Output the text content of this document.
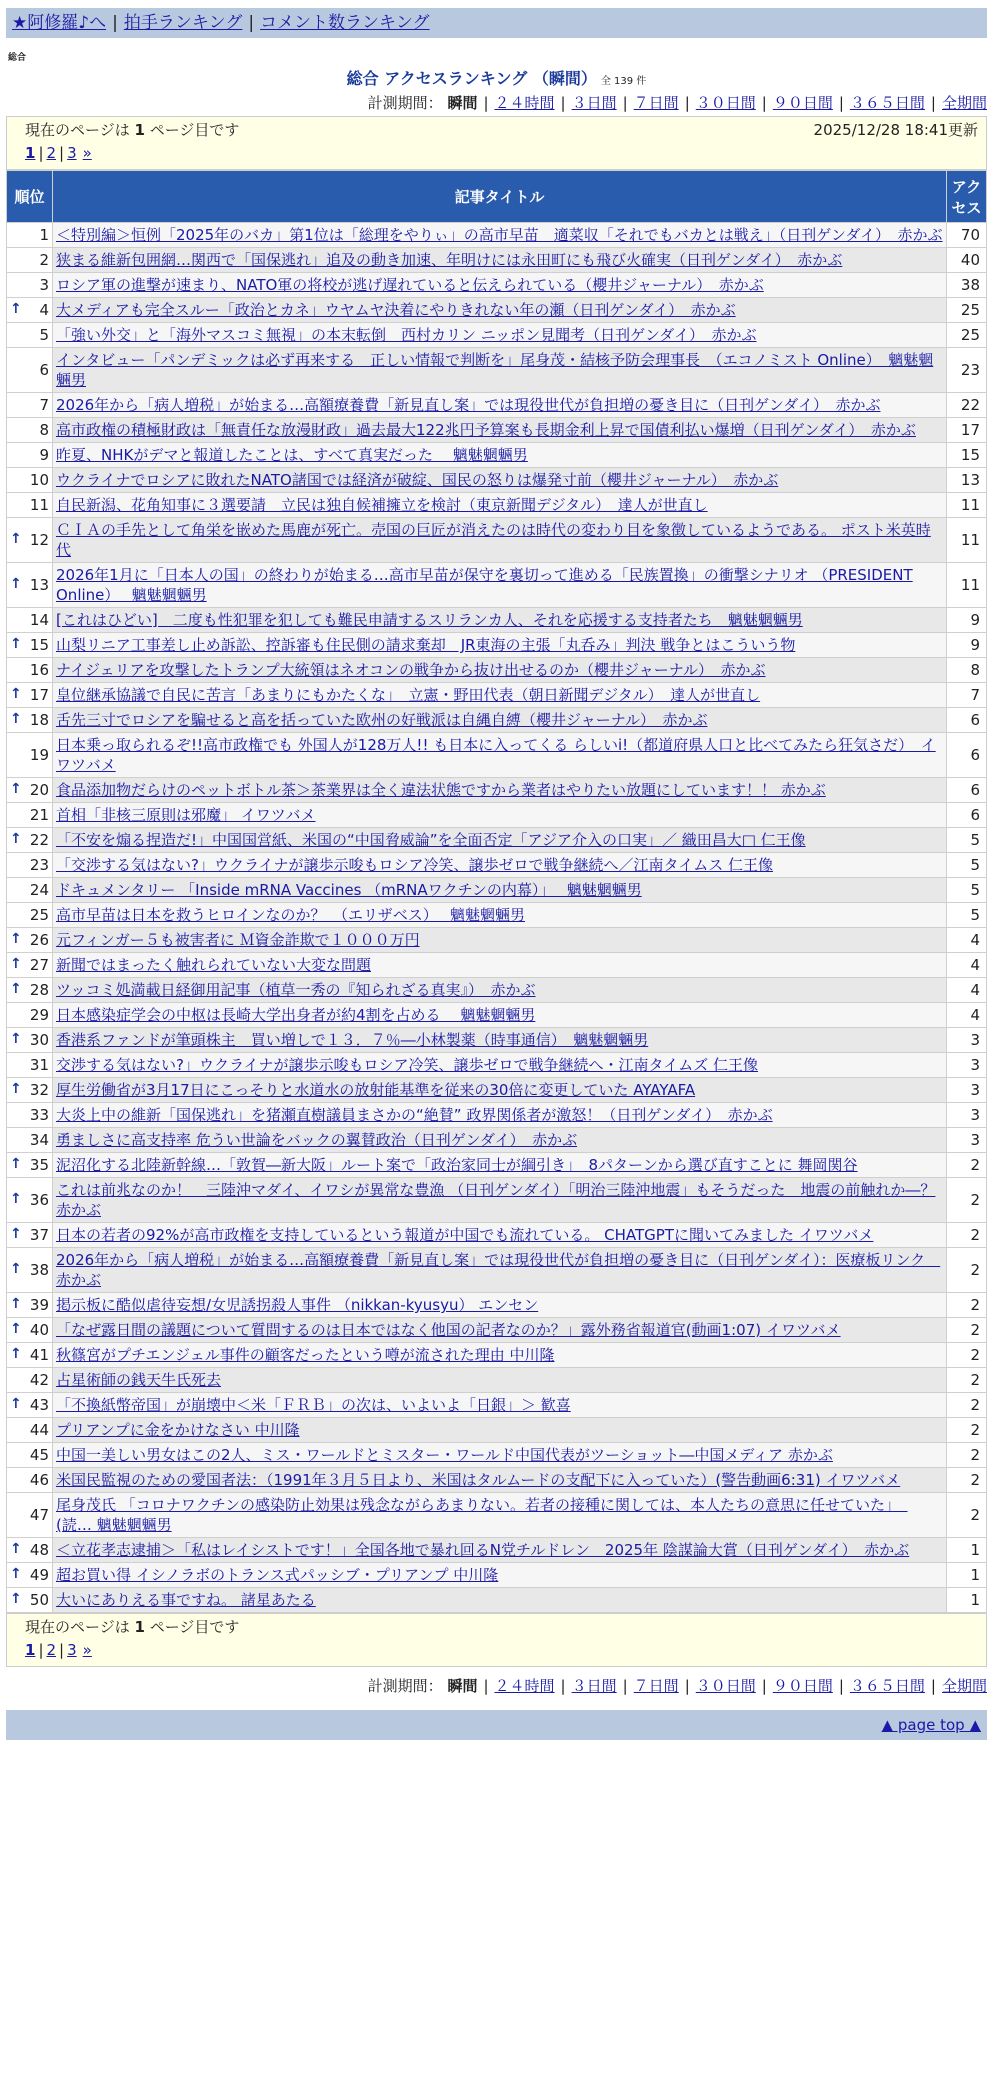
★阿修羅♪へ | 拍手ランキング | コメント数ランキング
総合
総合 アクセスランキング （瞬間） 全 139 件
計測期間： 瞬間 | ２４時間 | ３日間 | ７日間 | ３０日間 | ９０日間 | ３６５日間 | 全期間
現在のページは 1 ページ目です	2025/12/28 18:41更新
1 | 2 | 3 »
順位	記事タイトル	アクセス
1	＜特別編＞恒例「2025年のバカ」第1位は「総理をやりぃ」の高市早苗　適菜収「それでもバカとは戦え」（日刊ゲンダイ）　赤かぶ	70
2	狭まる維新包囲網…関西で「国保逃れ」追及の動き加速、年明けには永田町にも飛び火確実（日刊ゲンダイ）　赤かぶ	40
3	ロシア軍の進撃が速まり、NATO軍の将校が逃げ遅れていると伝えられている（櫻井ジャーナル）　赤かぶ	38

↑ 4	大メディアも完全スルー「政治とカネ」ウヤムヤ決着にやりきれない年の瀬（日刊ゲンダイ）　赤かぶ	25
5	「強い外交」と「海外マスコミ無視」の本末転倒　西村カリン ニッポン見聞考（日刊ゲンダイ）　赤かぶ	25
6	インタビュー「パンデミックは必ず再来する　正しい情報で判断を」尾身茂・結核予防会理事長　（エコノミスト Online）　魑魅魍魎男	23
7	2026年から「病人増税」が始まる…高額療養費「新見直し案」では現役世代が負担増の憂き目に（日刊ゲンダイ）　赤かぶ	22
8	高市政権の積極財政は「無責任な放漫財政」過去最大122兆円予算案も長期金利上昇で国債利払い爆増（日刊ゲンダイ）　赤かぶ	17
9	昨夏、NHKがデマと報道したことは、すべて真実だった　 魑魅魍魎男	15
10	ウクライナでロシアに敗れたNATO諸国では経済が破綻、国民の怒りは爆発寸前（櫻井ジャーナル）　赤かぶ	13
11	自民新潟、花角知事に３選要請　立民は独自候補擁立を検討（東京新聞デジタル）　達人が世直し	11

↑ 12	ＣＩＡの手先として角栄を嵌めた馬鹿が死亡。売国の巨匠が消えたのは時代の変わり目を象徴しているようである。 ポスト米英時代	11

↑ 13	2026年1月に「日本人の国」の終わりが始まる…高市早苗が保守を裏切って進める「民族置換」の衝撃シナリオ （PRESIDENT Online）　 魑魅魍魎男	11
14	[これはひどい]　二度も性犯罪を犯しても難民申請するスリランカ人、それを応援する支持者たち　魑魅魍魎男	9

↑ 15	山梨リニア工事差し止め訴訟、控訴審も住民側の請求棄却　JR東海の主張「丸呑み」判決 戦争とはこういう物	9
16	ナイジェリアを攻撃したトランプ大統領はネオコンの戦争から抜け出せるのか（櫻井ジャーナル）　赤かぶ	8

↑ 17	皇位継承協議で自民に苦言「あまりにもかたくな」　立憲・野田代表（朝日新聞デジタル）　達人が世直し	7

↑ 18	舌先三寸でロシアを騙せると高を括っていた欧州の好戦派は自縄自縛（櫻井ジャーナル）　赤かぶ	6
19	日本乗っ取られるぞ!!高市政権でも 外国人が128万人!! も日本に入ってくる らしいi!（都道府県人口と比べてみたら狂気さだ）　イワツバメ	6

↑ 20	食品添加物だらけのペットボトル茶＞茶業界は全く違法状態ですから業者はやりたい放題にしています！！ 赤かぶ	6
21	首相「非核三原則は邪魔」 イワツバメ	6

↑ 22	「不安を煽る捏造だ!」中国国営紙、米国の“中国脅威論”を全面否定「アジア介入の口実」／ 織田昌大□ 仁王像	5
23	「交渉する気はない?」ウクライナが譲歩示唆もロシア冷笑、譲歩ゼロで戦争継続へ／江南タイムス 仁王像	5
24	ドキュメンタリー 「Inside mRNA Vaccines （mRNAワクチンの内幕）」　 魑魅魍魎男	5
25	高市早苗は日本を救うヒロインなのか？　（エリザベス）　 魑魅魍魎男	5

↑ 26	元フィンガー５も被害者に Ｍ資金詐欺で１０００万円	4

↑ 27	新聞ではまったく触れられていない大変な問題	4

↑ 28	ツッコミ処満載日経御用記事（植草一秀の『知られざる真実』）　赤かぶ	4
29	日本感染症学会の中枢は長崎大学出身者が約4割を占める　 魑魅魍魎男	4

↑ 30	香港系ファンドが筆頭株主　買い増しで１３．７％―小林製薬（時事通信）　魑魅魍魎男	3
31	交渉する気はない?」ウクライナが譲歩示唆もロシア冷笑、譲歩ゼロで戦争継続へ・江南タイムズ 仁王像	3

↑ 32	厚生労働省が3月17日にこっそりと水道水の放射能基準を従来の30倍に変更していた AYAYAFA	3
33	大炎上中の維新「国保逃れ」を猪瀬直樹議員まさかの“絶賛” 政界関係者が激怒！（日刊ゲンダイ）　赤かぶ	3
34	勇ましさに高支持率 危うい世論をバックの翼賛政治（日刊ゲンダイ）　赤かぶ	3

↑ 35	泥沼化する北陸新幹線…「敦賀―新大阪」ルート案で「政治家同士が綱引き」　8パターンから選び直すことに 舞岡関谷	2

↑ 36	これは前兆なのか！　三陸沖マダイ、イワシが異常な豊漁 （日刊ゲンダイ）「明治三陸沖地震」もそうだった　地震の前触れか―？ 赤かぶ	2

↑ 37	日本の若者の92%が高市政権を支持しているという報道が中国でも流れている。 CHATGPTに聞いてみました イワツバメ	2

↑ 38	2026年から「病人増税」が始まる…高額療養費「新見直し案」では現役世代が負担増の憂き目に（日刊ゲンダイ）：医療板リンク　赤かぶ	2

↑ 39	掲示板に酷似虐待妄想/女児誘拐殺人事件 （nikkan-kyusyu） エンセン	2

↑ 40	「なぜ露日間の議題について質問するのは日本ではなく他国の記者なのか？」露外務省報道官(動画1:07) イワツバメ	2

↑ 41	秋篠宮がプチエンジェル事件の顧客だったという噂が流された理由 中川隆	2
42	占星術師の銭天牛氏死去	2

↑ 43	「不換紙幣帝国」が崩壊中＜米「ＦＲＢ」の次は、いよいよ「日銀」＞ 歓喜	2
44	プリアンプに金をかけなさい 中川隆	2
45	中国一美しい男女はこの2人、ミス・ワールドとミスター・ワールド中国代表がツーショット―中国メディア 赤かぶ	2
46	米国民監視のための愛国者法：（1991年３月５日より、米国はタルムードの支配下に入っていた）(警告動画6:31) イワツバメ	2
47	尾身茂氏 「コロナワクチンの感染防止効果は残念ながらあまりない。若者の接種に関しては、本人たちの意思に任せていた」　(読… 魑魅魍魎男	2

↑ 48	＜立花孝志逮捕＞「私はレイシストです！」全国各地で暴れ回るN党チルドレン　2025年 陰謀論大賞（日刊ゲンダイ）　赤かぶ	1

↑ 49	超お買い得 イシノラボのトランス式パッシブ・プリアンプ 中川隆	1

↑ 50	大いにありえる事ですね。 諸星あたる	1
現在のページは 1 ページ目です
1 | 2 | 3 »
計測期間： 瞬間 | ２４時間 | ３日間 | ７日間 | ３０日間 | ９０日間 | ３６５日間 | 全期間
▲ page top ▲
